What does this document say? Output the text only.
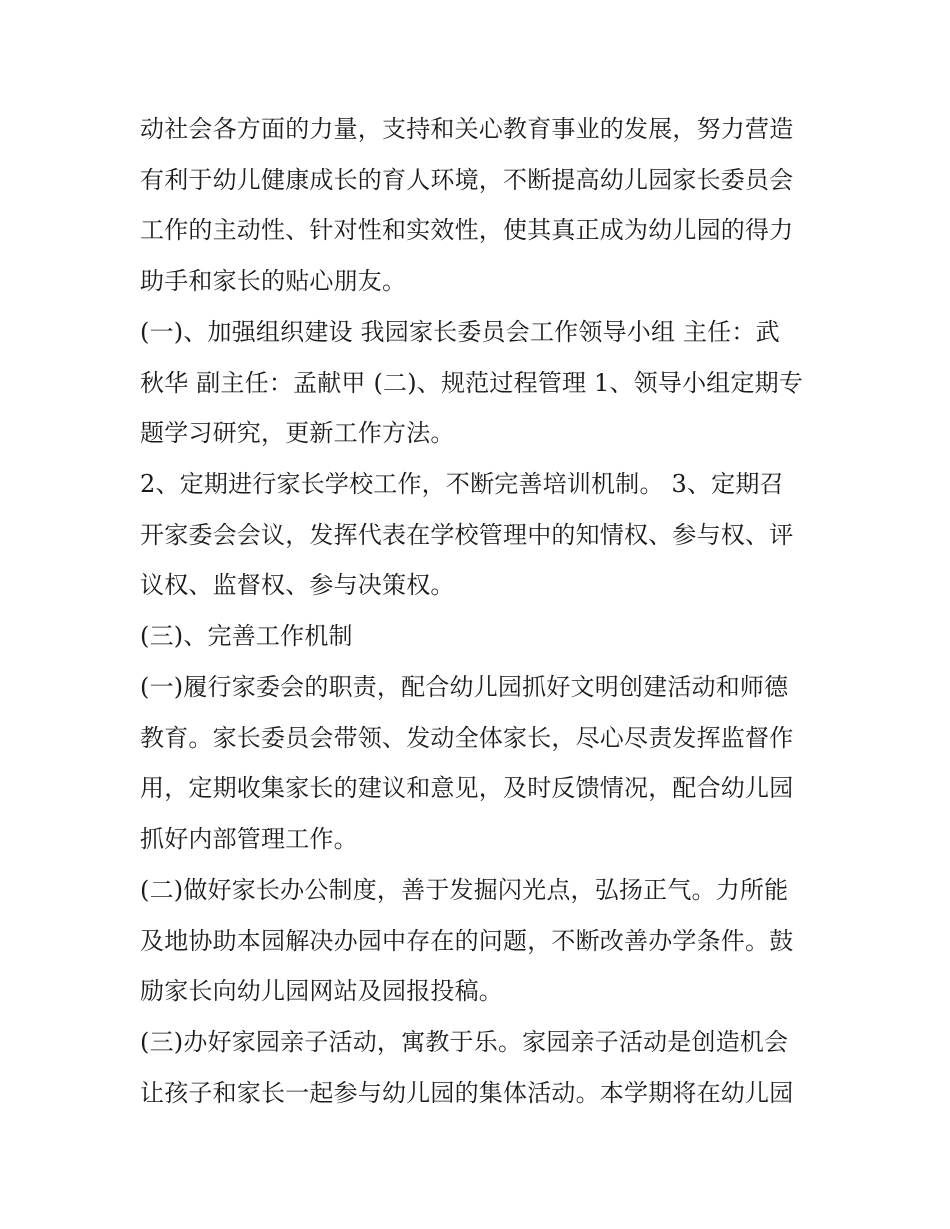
动社会各方面的力量，支持和关心教育事业的发展，努力营造

有利于幼儿健康成长的育人环境，不断提高幼儿园家长委员会

工作的主动性、针对性和实效性，使其真正成为幼儿园的得力

助手和家长的贴心朋友。

(一)、加强组织建设 我园家长委员会工作领导小组 主任：武

秋华 副主任：孟献甲 (二)、规范过程管理 1、领导小组定期专

题学习研究，更新工作方法。

2、定期进行家长学校工作，不断完善培训机制。 3、定期召

开家委会会议，发挥代表在学校管理中的知情权、参与权、评

议权、监督权、参与决策权。

(三)、完善工作机制

(一)履行家委会的职责，配合幼儿园抓好文明创建活动和师德

教育。家长委员会带领、发动全体家长，尽心尽责发挥监督作

用，定期收集家长的建议和意见，及时反馈情况，配合幼儿园

抓好内部管理工作。

(二)做好家长办公制度，善于发掘闪光点，弘扬正气。力所能

及地协助本园解决办园中存在的问题，不断改善办学条件。鼓

励家长向幼儿园网站及园报投稿。

(三)办好家园亲子活动，寓教于乐。家园亲子活动是创造机会

让孩子和家长一起参与幼儿园的集体活动。本学期将在幼儿园
